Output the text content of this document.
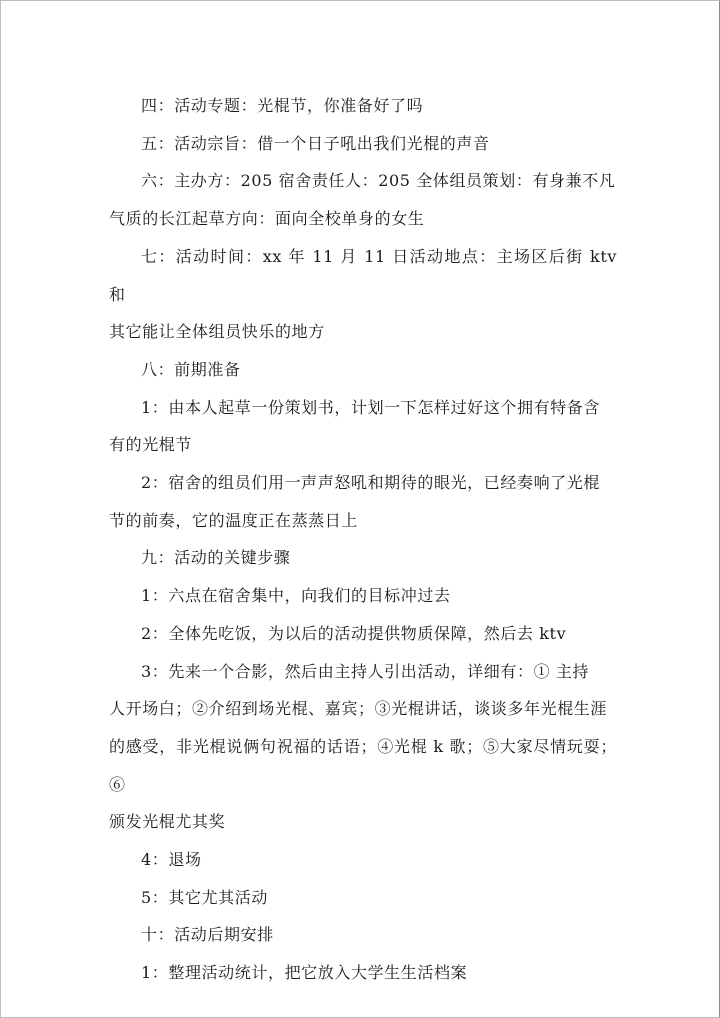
四：活动专题：光棍节，你准备好了吗

五：活动宗旨：借一个日子吼出我们光棍的声音

六：主办方：205 宿舍责任人：205 全体组员策划：有身兼不凡
气质的长江起草方向：面向全校单身的女生

七：活动时间：xx 年 11 月 11 日活动地点：主场区后街 ktv 和
其它能让全体组员快乐的地方

八：前期准备

1：由本人起草一份策划书，计划一下怎样过好这个拥有特备含
有的光棍节

2：宿舍的组员们用一声声怒吼和期待的眼光，已经奏响了光棍
节的前奏，它的温度正在蒸蒸日上

九：活动的关键步骤

1：六点在宿舍集中，向我们的目标冲过去

2：全体先吃饭，为以后的活动提供物质保障，然后去 ktv

3：先来一个合影，然后由主持人引出活动，详细有：① 主持
人开场白；②介绍到场光棍、嘉宾；③光棍讲话，谈谈多年光棍生涯
的感受，非光棍说俩句祝福的话语；④光棍 k 歌；⑤大家尽情玩耍；⑥
颁发光棍尤其奖

4：退场

5：其它尤其活动

十：活动后期安排

1：整理活动统计，把它放入大学生生活档案
